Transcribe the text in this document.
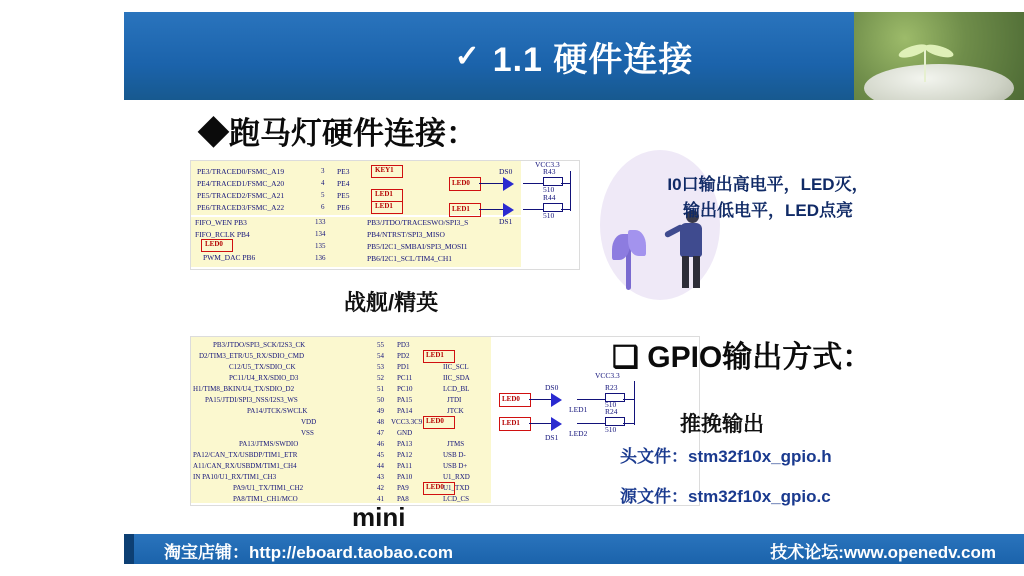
✓ 1.1 硬件连接
◆跑马灯硬件连接：
PE3/TRACED0/FSMC_A19
PE4/TRACED1/FSMC_A20
PE5/TRACED2/FSMC_A21
PE6/TRACED3/FSMC_A22
FIFO_WEN PB3
FIFO_RCLK PB4
PWM_DAC PB6
3
4
5
6
133
134
135
136
PE3
PE4
PE5
PE6
PB3/JTDO/TRACESWO/SPI3_S
PB4/NTRST/SPI3_MISO
PB5/I2C1_SMBAI/SPI3_MOSI1
PB6/I2C1_SCL/TIM4_CH1
KEY1
LED1
LED1
LED0
LED0
LED1
DS0
DS1
R43
R44
510
510
VCC3.3
战舰/精英
PB3/JTDO/SPI3_SCK/I2S3_CK
D2/TIM3_ETR/U5_RX/SDIO_CMD
C12/U5_TX/SDIO_CK
PC11/U4_RX/SDIO_D3
H1/TIM8_BKIN/U4_TX/SDIO_D2
PA15/JTDI/SPI3_NSS/I2S3_WS
PA14/JTCK/SWCLK
VDD
VSS
PA13/JTMS/SWDIO
PA12/CAN_TX/USBDP/TIM1_ETR
A11/CAN_RX/USBDM/TIM1_CH4
IN PA10/U1_RX/TIM1_CH3
PA9/U1_TX/TIM1_CH2
PA8/TIM1_CH1/MCO
55
54
53
52
51
50
49
48
47
46
45
44
43
42
41
PD3
PD2
PD1
PC11
PC10
PA15
PA14
VCC3.3C9
GND
PA13
PA12
PA11
PA10
PA9
PA8
IIC_SCL
IIC_SDA
LCD_BL
JTDI
JTCK
JTMS
USB D-
USB D+
U1_RXD
U1_TXD
LCD_CS
LED1
LED0
LED0
LED0
LED1
DS0
DS1
LED1
LED2
R23
R24
510
510
VCC3.3
mini
I0口输出高电平，LED灭，
输出低电平，LED点亮
❑ GPIO输出方式：
推挽输出
头文件：stm32f10x_gpio.h
源文件：stm32f10x_gpio.c
淘宝店铺：http://eboard.taobao.com	技术论坛:www.openedv.com
